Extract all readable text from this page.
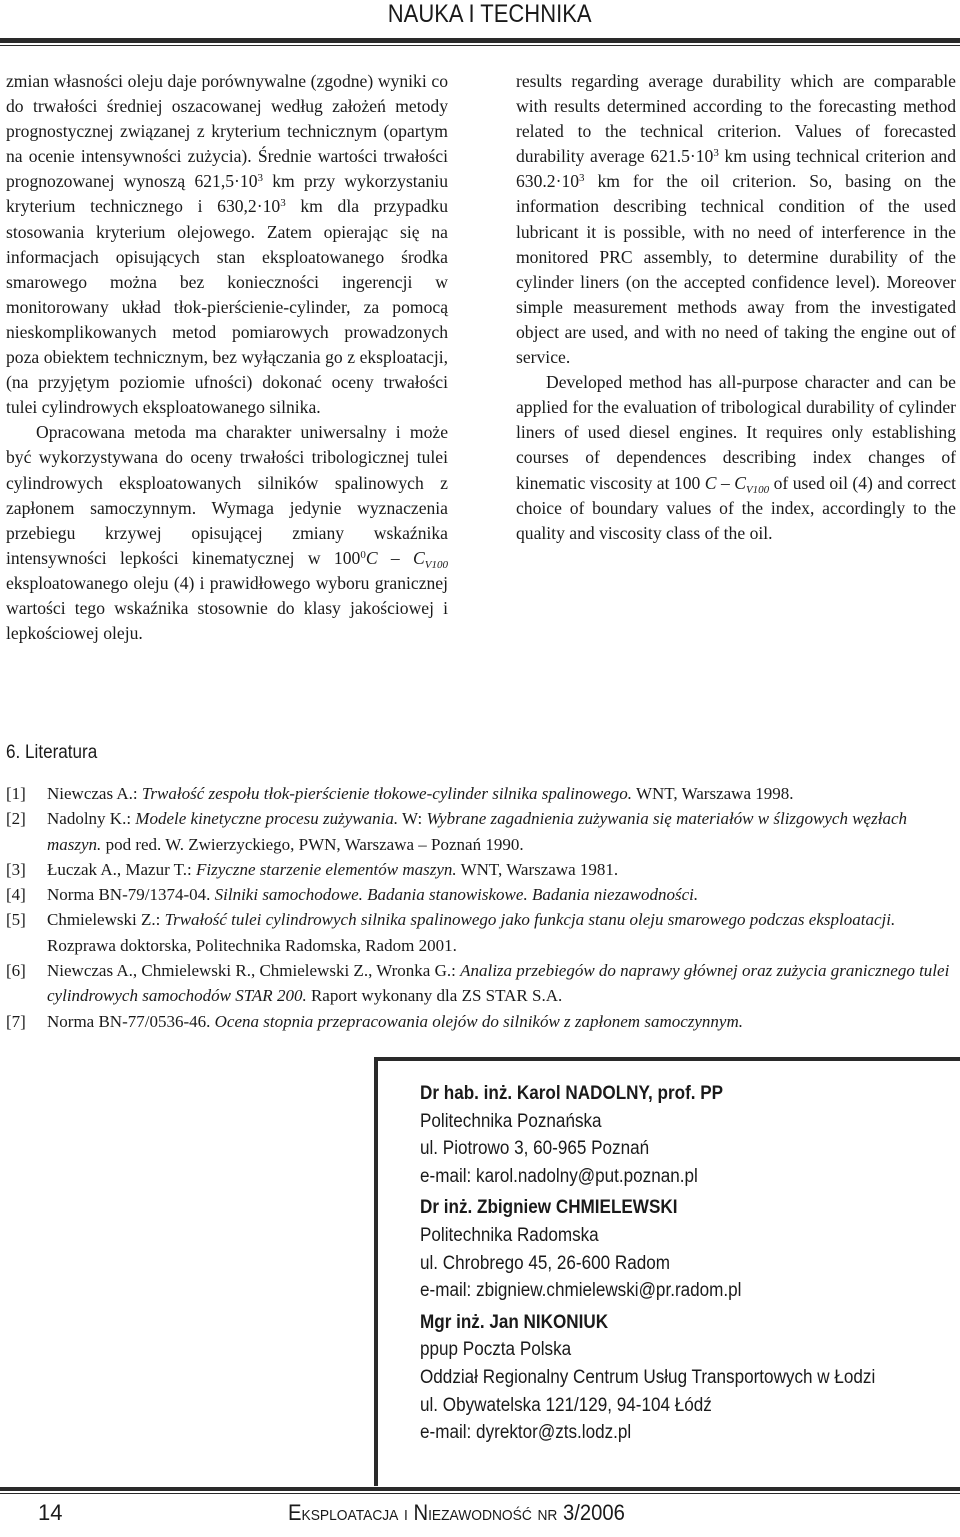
NAUKA I TECHNIKA

zmian własności oleju daje porównywalne (zgodne) wyniki co do trwałości średniej oszacowanej według założeń metody prognostycznej związanej z kryterium technicznym (opartym na ocenie intensywności zużycia). Średnie wartości trwałości prognozowanej wynoszą $621,5\cdot 10^3$ km przy wykorzystaniu kryterium technicznego i $630,2\cdot 10^3$ km dla przypadku stosowania kryterium olejowego. Zatem opierając się na informacjach opisujących stan eksploatowanego środka smarowego można bez konieczności ingerencji w monitorowany układ tłok-pierścienie-cylinder, za pomocą nieskomplikowanych metod pomiarowych prowadzonych poza obiektem technicznym, bez wyłączania go z eksploatacji, (na przyjętym poziomie ufności) dokonać oceny trwałości tulei cylindrowych eksploatowanego silnika.

Opracowana metoda ma charakter uniwersalny i może być wykorzystywana do oceny trwałości tribologicznej tulei cylindrowych eksploatowanych silników spalinowych z zapłonem samoczynnym. Wymaga jedynie wyznaczenia przebiegu krzywej opisującej zmiany wskaźnika intensywności lepkości kinematycznej w $100^0C - C_{V100}$ eksploatowanego oleju (4) i prawidłowego wyboru granicznej wartości tego wskaźnika stosownie do klasy jakościowej i lepkościowej oleju.

results regarding average durability which are comparable with results determined according to the forecasting method related to the technical criterion. Values of forecasted durability average $621.5\cdot 10^3$ km using technical criterion and $630.2\cdot 10^3$ km for the oil criterion. So, basing on the information describing technical condition of the used lubricant it is possible, with no need of interference in the monitored PRC assembly, to determine durability of the cylinder liners (on the accepted confidence level). Moreover simple measurement methods away from the investigated object are used, and with no need of taking the engine out of service.

Developed method has all-purpose character and can be applied for the evaluation of tribological durability of cylinder liners of used diesel engines. It requires only establishing courses of dependences describing index changes of kinematic viscosity at 100 C – $C_{V100}$ of used oil (4) and correct choice of boundary values of the index, accordingly to the quality and viscosity class of the oil.

6. Literatura
[1] Niewczas A.: Trwałość zespołu tłok-pierścienie tłokowe-cylinder silnika spalinowego. WNT, Warszawa 1998.
[2] Nadolny K.: Modele kinetyczne procesu zużywania. W: Wybrane zagadnienia zużywania się materiałów w ślizgowych węzłach maszyn. pod red. W. Zwierzyckiego, PWN, Warszawa – Poznań 1990.
[3] Łuczak A., Mazur T.: Fizyczne starzenie elementów maszyn. WNT, Warszawa 1981.
[4] Norma BN-79/1374-04. Silniki samochodowe. Badania stanowiskowe. Badania niezawodności.
[5] Chmielewski Z.: Trwałość tulei cylindrowych silnika spalinowego jako funkcja stanu oleju smarowego podczas eksploatacji. Rozprawa doktorska, Politechnika Radomska, Radom 2001.
[6] Niewczas A., Chmielewski R., Chmielewski Z., Wronka G.: Analiza przebiegów do naprawy głównej oraz zużycia granicznego tulei cylindrowych samochodów STAR 200. Raport wykonany dla ZS STAR S.A.
[7] Norma BN-77/0536-46. Ocena stopnia przepracowania olejów do silników z zapłonem samoczynnym.
Dr hab. inż. Karol NADOLNY, prof. PP
Politechnika Poznańska
ul. Piotrowo 3, 60-965 Poznań
e-mail: karol.nadolny@put.poznan.pl
Dr inż. Zbigniew CHMIELEWSKI
Politechnika Radomska
ul. Chrobrego 45, 26-600 Radom
e-mail: zbigniew.chmielewski@pr.radom.pl
Mgr inż. Jan NIKONIUK
ppup Poczta Polska
Oddział Regionalny Centrum Usług Transportowych w Łodzi
ul. Obywatelska 121/129, 94-104 Łódź
e-mail: dyrektor@zts.lodz.pl
14	Eksploatacja i Niezawodność nr 3/2006
